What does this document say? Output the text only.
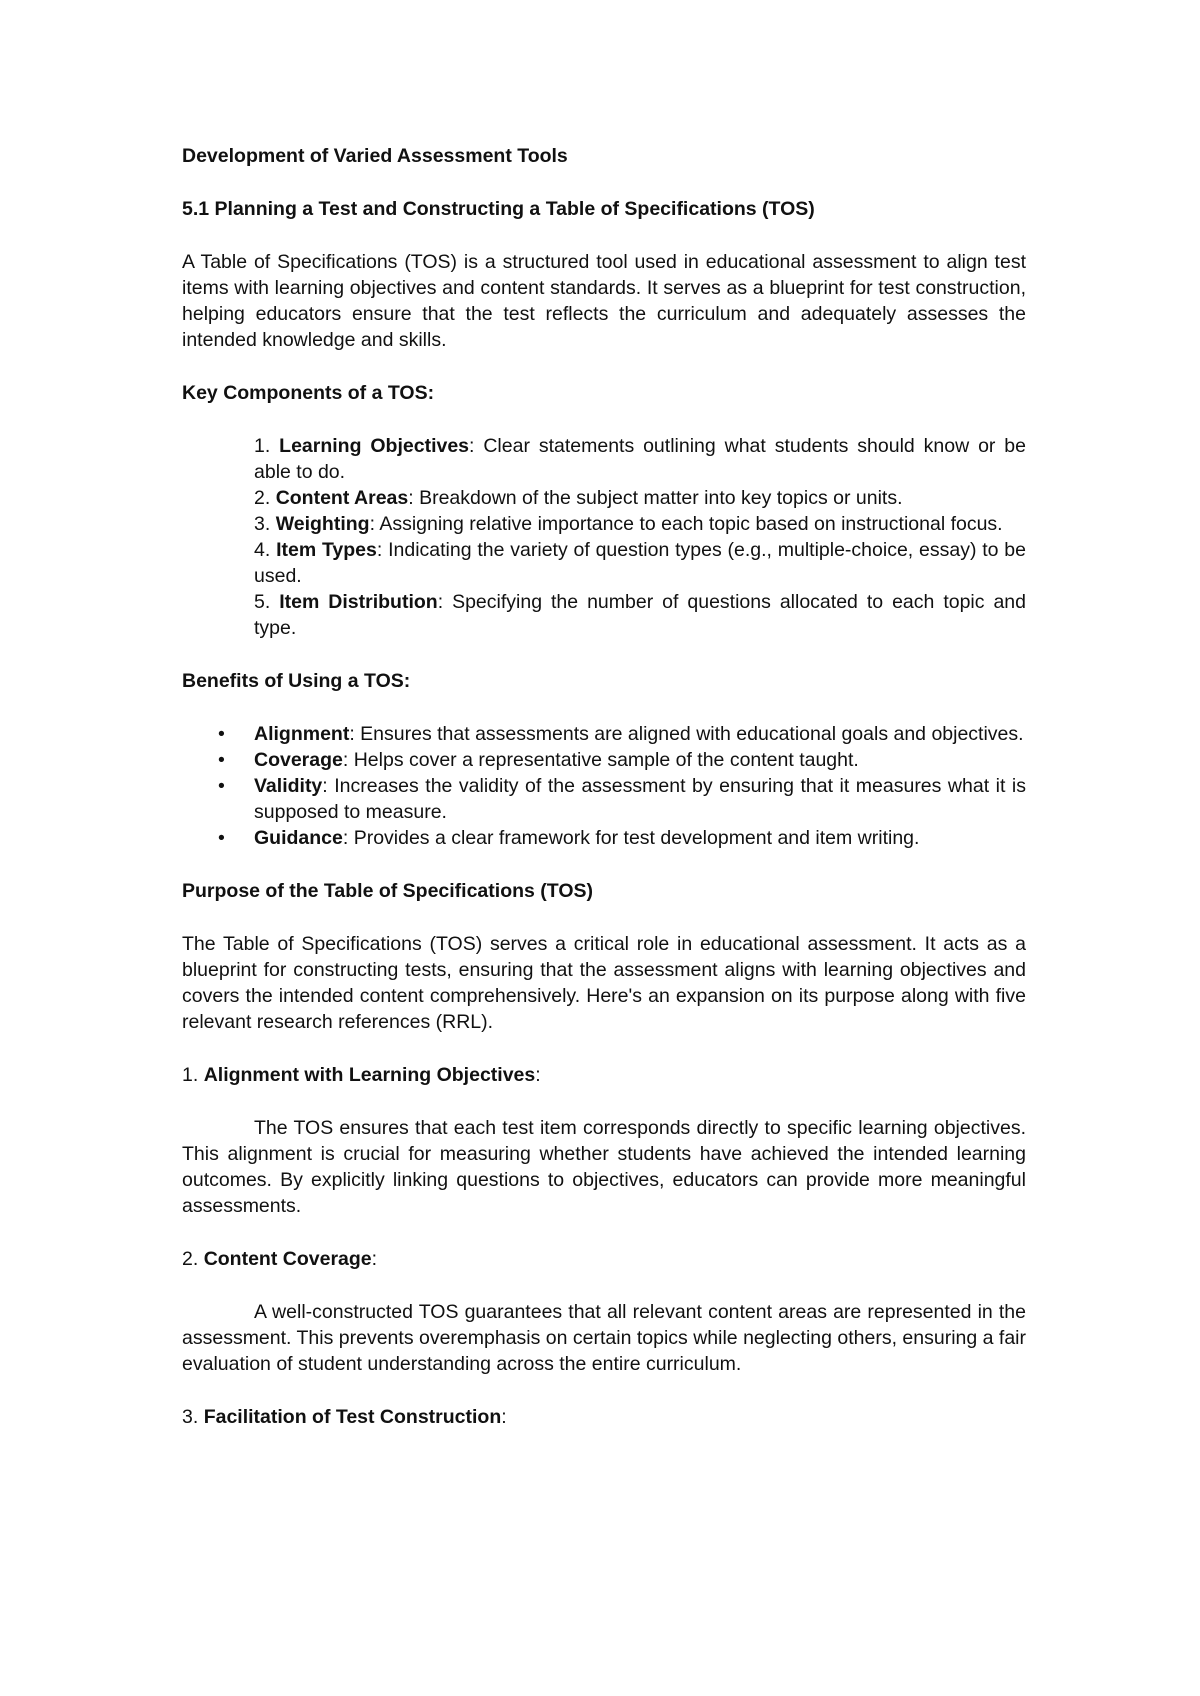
Development of Varied Assessment Tools

5.1 Planning a Test and Constructing a Table of Specifications (TOS)

A Table of Specifications (TOS) is a structured tool used in educational assessment to align test items with learning objectives and content standards. It serves as a blueprint for test construction, helping educators ensure that the test reflects the curriculum and adequately assesses the intended knowledge and skills.

Key Components of a TOS:

1. Learning Objectives: Clear statements outlining what students should know or be able to do.
2. Content Areas: Breakdown of the subject matter into key topics or units.
3. Weighting: Assigning relative importance to each topic based on instructional focus.
4. Item Types: Indicating the variety of question types (e.g., multiple-choice, essay) to be used.
5. Item Distribution: Specifying the number of questions allocated to each topic and type.

Benefits of Using a TOS:

• Alignment: Ensures that assessments are aligned with educational goals and objectives.
• Coverage: Helps cover a representative sample of the content taught.
• Validity: Increases the validity of the assessment by ensuring that it measures what it is supposed to measure.
• Guidance: Provides a clear framework for test development and item writing.

Purpose of the Table of Specifications (TOS)

The Table of Specifications (TOS) serves a critical role in educational assessment. It acts as a blueprint for constructing tests, ensuring that the assessment aligns with learning objectives and covers the intended content comprehensively. Here's an expansion on its purpose along with five relevant research references (RRL).

1. Alignment with Learning Objectives:

The TOS ensures that each test item corresponds directly to specific learning objectives. This alignment is crucial for measuring whether students have achieved the intended learning outcomes. By explicitly linking questions to objectives, educators can provide more meaningful assessments.

2. Content Coverage:

A well-constructed TOS guarantees that all relevant content areas are represented in the assessment. This prevents overemphasis on certain topics while neglecting others, ensuring a fair evaluation of student understanding across the entire curriculum.

3. Facilitation of Test Construction:
